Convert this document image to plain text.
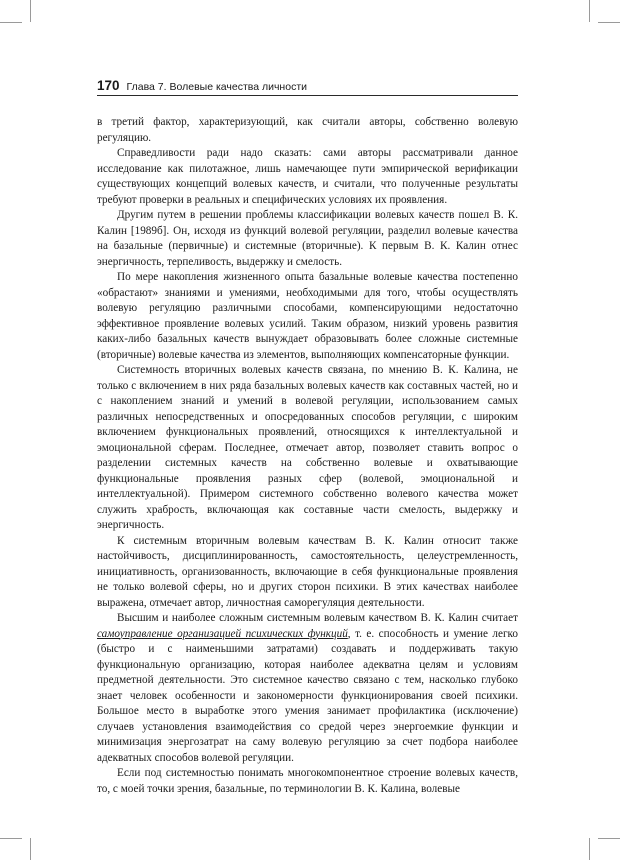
170 Глава 7. Волевые качества личности

в третий фактор, характеризующий, как считали авторы, собственно волевую регуляцию.

Справедливости ради надо сказать: сами авторы рассматривали данное исследование как пилотажное, лишь намечающее пути эмпирической верификации существующих концепций волевых качеств, и считали, что полученные результаты требуют проверки в реальных и специфических условиях их проявления.

Другим путем в решении проблемы классификации волевых качеств пошел В. К. Калин [1989б]. Он, исходя из функций волевой регуляции, разделил волевые качества на базальные (первичные) и системные (вторичные). К первым В. К. Калин отнес энергичность, терпеливость, выдержку и смелость.

По мере накопления жизненного опыта базальные волевые качества постепенно «обрастают» знаниями и умениями, необходимыми для того, чтобы осуществлять волевую регуляцию различными способами, компенсирующими недостаточно эффективное проявление волевых усилий. Таким образом, низкий уровень развития каких-либо базальных качеств вынуждает образовывать более сложные системные (вторичные) волевые качества из элементов, выполняющих компенсаторные функции.

Системность вторичных волевых качеств связана, по мнению В. К. Калина, не только с включением в них ряда базальных волевых качеств как составных частей, но и с накоплением знаний и умений в волевой регуляции, использованием самых различных непосредственных и опосредованных способов регуляции, с широким включением функциональных проявлений, относящихся к интеллектуальной и эмоциональной сферам. Последнее, отмечает автор, позволяет ставить вопрос о разделении системных качеств на собственно волевые и охватывающие функциональные проявления разных сфер (волевой, эмоциональной и интеллектуальной). Примером системного собственно волевого качества может служить храбрость, включающая как составные части смелость, выдержку и энергичность.

К системным вторичным волевым качествам В. К. Калин относит также настойчивость, дисциплинированность, самостоятельность, целеустремленность, инициативность, организованность, включающие в себя функциональные проявления не только волевой сферы, но и других сторон психики. В этих качествах наиболее выражена, отмечает автор, личностная саморегуляция деятельности.

Высшим и наиболее сложным системным волевым качеством В. К. Калин считает самоуправление организацией психических функций, т. е. способность и умение легко (быстро и с наименьшими затратами) создавать и поддерживать такую функциональную организацию, которая наиболее адекватна целям и условиям предметной деятельности. Это системное качество связано с тем, насколько глубоко знает человек особенности и закономерности функционирования своей психики. Большое место в выработке этого умения занимает профилактика (исключение) случаев установления взаимодействия со средой через энергоемкие функции и минимизация энергозатрат на саму волевую регуляцию за счет подбора наиболее адекватных способов волевой регуляции.

Если под системностью понимать многокомпонентное строение волевых качеств, то, с моей точки зрения, базальные, по терминологии В. К. Калина, волевые
